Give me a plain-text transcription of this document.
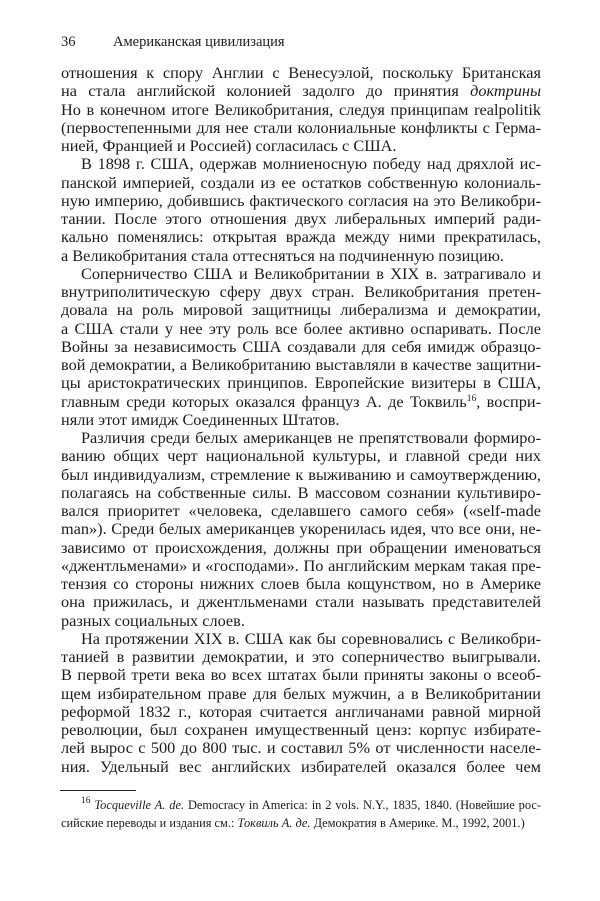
36	Американская цивилизация
отношения к спору Англии с Венесуэлой, поскольку Британская
на стала английской колонией задолго до принятия доктрины
Но в конечном итоге Великобритания, следуя принципам realpolitik
(первостепенными для нее стали колониальные конфликты с Герма-
нией, Францией и Россией) согласилась с США.
В 1898 г. США, одержав молниеносную победу над дряхлой ис-
панской империей, создали из ее остатков собственную колониаль-
ную империю, добившись фактического согласия на это Великобри-
тании. После этого отношения двух либеральных империй ради-
кально поменялись: открытая вражда между ними прекратилась,
а Великобритания стала оттесняться на подчиненную позицию.
Соперничество США и Великобритании в XIX в. затрагивало и
внутриполитическую сферу двух стран. Великобритания претен-
довала на роль мировой защитницы либерализма и демократии,
а США стали у нее эту роль все более активно оспаривать. После
Войны за независимость США создавали для себя имидж образцо-
вой демократии, а Великобританию выставляли в качестве защитни-
цы аристократических принципов. Европейские визитеры в США,
главным среди которых оказался француз А. де Токвиль$^{16}$, воспри-
няли этот имидж Соединенных Штатов.
Различия среди белых американцев не препятствовали формиро-
ванию общих черт национальной культуры, и главной среди них
был индивидуализм, стремление к выживанию и самоутверждению,
полагаясь на собственные силы. В массовом сознании культивиро-
вался приоритет «человека, сделавшего самого себя» («self-made
man»). Среди белых американцев укоренилась идея, что все они, не-
зависимо от происхождения, должны при обращении именоваться
«джентльменами» и «господами». По английским меркам такая пре-
тензия со стороны нижних слоев была кощунством, но в Америке
она прижилась, и джентльменами стали называть представителей
разных социальных слоев.
На протяжении XIX в. США как бы соревновались с Великобри-
танией в развитии демократии, и это соперничество выигрывали.
В первой трети века во всех штатах были приняты законы о всеоб-
щем избирательном праве для белых мужчин, а в Великобритании
реформой 1832 г., которая считается англичанами равной мирной
революции, был сохранен имущественный ценз: корпус избирате-
лей вырос с 500 до 800 тыс. и составил 5% от численности населе-
ния. Удельный вес английских избирателей оказался более чем
$^{16}$ Tocqueville A. de. Democracy in America: in 2 vols. N.Y., 1835, 1840. (Новейшие рос-
сийские переводы и издания см.: Токвиль А. де. Демократия в Америке. М., 1992, 2001.)
